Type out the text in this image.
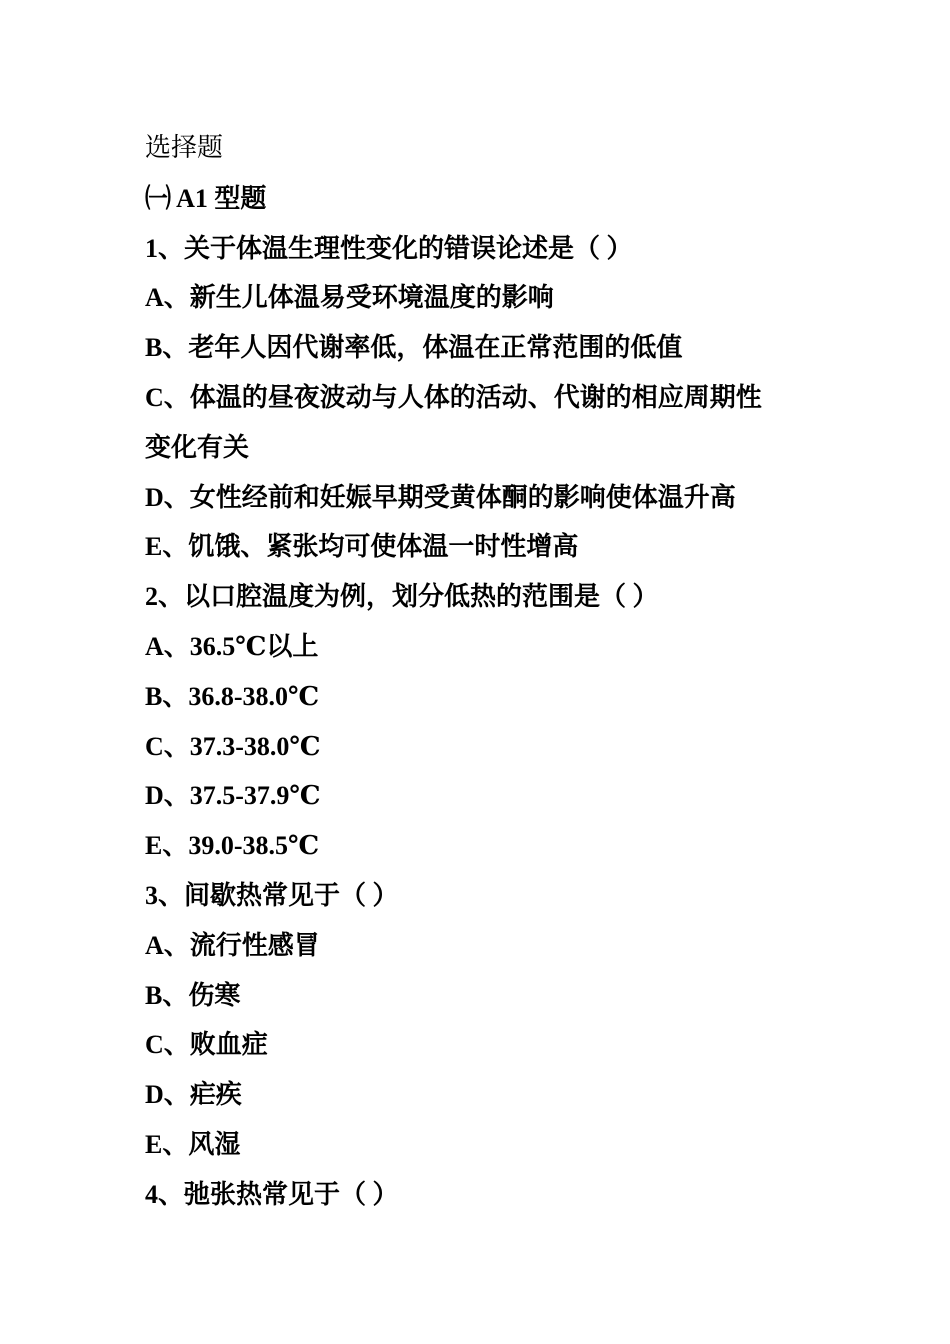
选择题
㈠ A1 型题
1、关于体温生理性变化的错误论述是（ ）
A、新生儿体温易受环境温度的影响
B、老年人因代谢率低，体温在正常范围的低值
C、体温的昼夜波动与人体的活动、代谢的相应周期性
变化有关
D、女性经前和妊娠早期受黄体酮的影响使体温升高
E、饥饿、紧张均可使体温一时性增高
2、以口腔温度为例，划分低热的范围是（ ）
A、36.5℃以上
B、36.8-38.0℃
C、37.3-38.0℃
D、37.5-37.9℃
E、39.0-38.5℃
3、间歇热常见于（ ）
A、流行性感冒
B、伤寒
C、败血症
D、疟疾
E、风湿
4、弛张热常见于（ ）
